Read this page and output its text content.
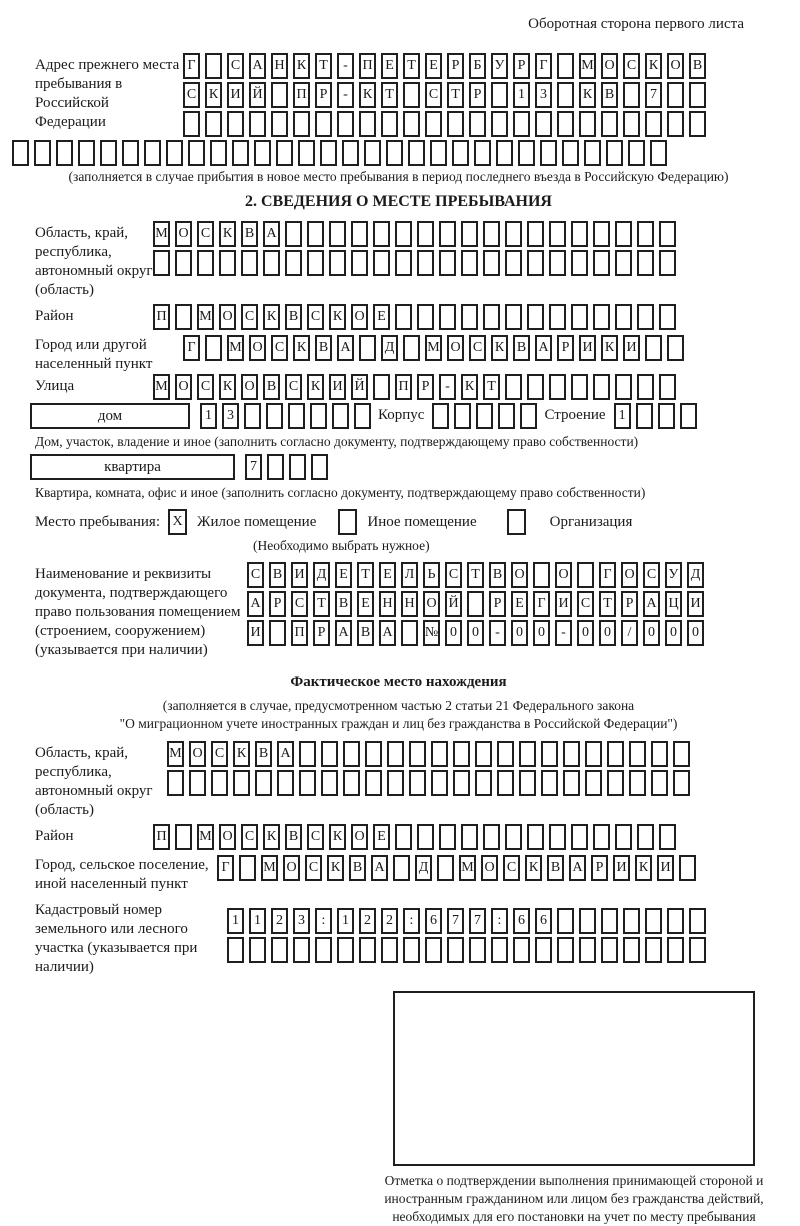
Оборотная сторона первого листа
Адрес прежнего места пребывания в Российской Федерации
Г	С А Н К Т	-	П Е Т Е Р	Б У Р	Г	М О С К О В
С К И Й П Р	-	К Т	С Т Р	1	3	К В	7
(заполняется в случае прибытия в новое место пребывания в период последнего въезда в Российскую Федерацию)
2. СВЕДЕНИЯ О МЕСТЕ ПРЕБЫВАНИЯ
Область, край, республика, автономный округ (область)
М О С К В А
Район	П М О С К В С К О Е
Город или другой населенный пункт
Г	М О С К В А Д М О С К В А Р И К И
Улица	М О С К О В С К И Й П Р	-	К Т
дом	1	3	Корпус	Строение 1
Дом, участок, владение и иное (заполнить согласно документу, подтверждающему право собственности)
квартира	7
Квартира, комната, офис и иное (заполнить согласно документу, подтверждающему право собственности)
Место пребывания: X Жилое помещение	Иное помещение	Организация
(Необходимо выбрать нужное)
Наименование и реквизиты документа, подтверждающего право пользования помещением (строением, сооружением) (указывается при наличии)
С В И Д Е Т Е Л Ь С Т В О О	Г О С У Д
А Р С Т В Е Н Н О Й	Р Е Г И С Т Р А Ц И
И П Р А В А № 0	0	-	0	0	-	0	0	/	0	0	0
Фактическое место нахождения
(заполняется в случае, предусмотренном частью 2 статьи 21 Федерального закона
"О миграционном учете иностранных граждан и лиц без гражданства в Российской Федерации")
Область, край, республика, автономный округ (область)
М О С К В А
Район	П М О С К В С К О Е
Город, сельское поселение, иной населенный пункт
Г	М О С К В А Д М О С К В А Р И К И
Кадастровый номер земельного или лесного участка (указывается при наличии)
1	1	2	3	:	1	2	2	:	6	7	7	:	6	6
Отметка о подтверждении выполнения принимающей стороной и иностранным гражданином или лицом без гражданства действий, необходимых для его постановки на учет по месту пребывания
